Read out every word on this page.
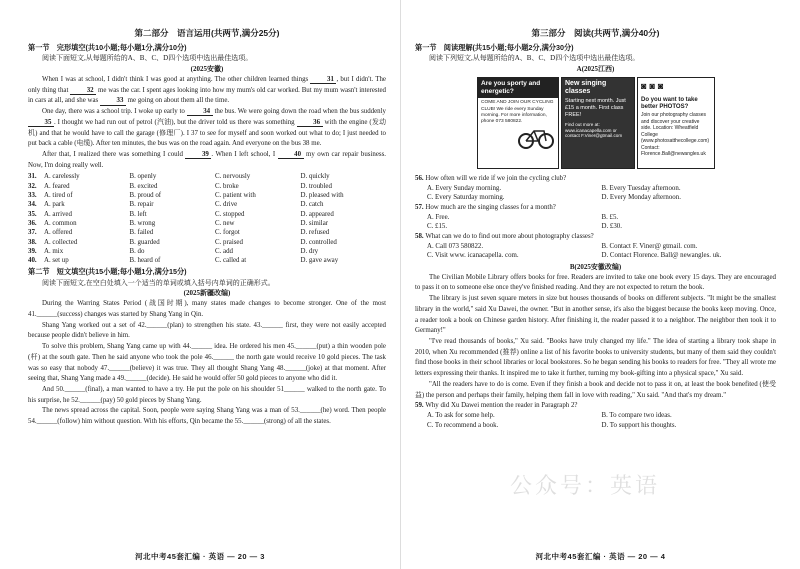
第二部分　语言运用(共两节,满分25分)
第一节　完形填空(共10小题;每小题1分,满分10分)
阅读下面短文,从每题所给的A、B、C、D四个选项中选出最佳选项。
(2025安徽)

When I was at school, I didn't think I was good at anything. The other children learned things 31 , but I didn't. The only thing that 32 me was the car. I spent ages looking into how my mum's old car worked. But my mum wasn't interested in cars at all, and she was 33 me going on about them all the time.

One day, there was a school trip. I woke up early to 34 the bus. We were going down the road when the bus suddenly 35 . I thought we had run out of petrol (汽油), but the driver told us there was something 36 with the engine (发动机) and that he would have to call the garage (修理厂). I 37 to see for myself and soon worked out what to do; I just needed to put back a cable (电缆). After ten minutes, the bus was on the road again. And everyone on the bus 38 me.

After that, I realized there was something I could 39 . When I left school, I 40 my own car repair business. Now, I'm doing really well.

31.	A. carelessly	B. openly	C. nervously	D. quickly
32.	A. feared	B. excited	C. broke	D. troubled
33.	A. tired of	B. proud of	C. patient with	D. pleased with
34.	A. park	B. repair	C. drive	D. catch
35.	A. arrived	B. left	C. stopped	D. appeared
36.	A. common	B. wrong	C. new	D. similar
37.	A. offered	B. failed	C. forgot	D. refused
38.	A. collected	B. guarded	C. praised	D. controlled
39.	A. mix	B. do	C. add	D. dry
40.	A. set up	B. heard of	C. called at	D. gave away
第二节　短文填空(共15小题;每小题1分,满分15分)
阅读下面短文,在空白处填入一个适当的单词或填入括号内单词的正确形式。
(2025新疆改编)

During the Warring States Period (战国时期), many states made changes to become stronger. One of the most 41.______(success) changes was started by Shang Yang in Qin.

Shang Yang worked out a set of 42.______(plan) to strengthen his state. 43.______ first, they were not easily accepted because people didn't believe in him.

To solve this problem, Shang Yang came up with 44.______ idea. He ordered his men 45.______(put) a thin wooden pole (杆) at the south gate. Then he said anyone who took the pole 46.______ the north gate would receive 10 gold pieces. The task was so easy that nobody 47.______(believe) it was true. They all thought Shang Yang 48.______(joke) at that moment. After seeing that, Shang Yang made a 49.______(decide). He said he would offer 50 gold pieces to anyone who did it.

And 50.______(final), a man wanted to have a try. He put the pole on his shoulder 51______ walked to the north gate. To his surprise, he 52.______(pay) 50 gold pieces by Shang Yang.

The news spread across the capital. Soon, people were saying Shang Yang was a man of 53.______(he) word. Then people 54.______(follow) him without question. With his efforts, Qin became the 55.______(strong) of all the states.

河北中考45套汇编 · 英语 — 20 — 3
第三部分　阅读(共两节,满分40分)
第一节　阅读理解(共15小题;每小题2分,满分30分)
阅读下列短文,从每题所给的A、B、C、D四个选项中选出最佳选项。
A(2025江西)
Are you sporty and energetic?
COME AND JOIN OUR CYCLING CLUB! We ride every Sunday morning. For more information, phone 073 580822.
New singing classes
Starting next month. Just £15 a month. First class FREE!
Find out more at: www.icanacapella.com or contact F.Viner@gtmail.com
◙ ◙ ◙
Do you want to take better PHOTOS?
Join our photography classes and discover your creative side. Location: Wheatfield College (www.photosatthecollege.com) Contact: Florence.Ball@newangles.uk
56. How often will we ride if we join the cycling club?
A. Every Sunday morning.	B. Every Tuesday afternoon.
C. Every Saturday morning.	D. Every Monday afternoon.
57. How much are the singing classes for a month?
A. Free.	B. £5.
C. £15.	D. £30.
58. What can we do to find out more about photography classes?
A. Call 073 580822.	B. Contact F. Viner@ gtmail. com.
C. Visit www. icanacapella. com.	D. Contact Florence. Ball@ newangles. uk.
B(2025安徽改编)

The Civilian Mobile Library offers books for free. Readers are invited to take one book every 15 days. They are encouraged to pass it on to someone else once they've finished reading. And they are not expected to return the book.

The library is just seven square meters in size but houses thousands of books on different subjects. "It might be the smallest library in the world," said Xu Dawei, the owner. "But in another sense, it's also the biggest because the books keep moving. Once, a reader took a book on Chinese garden history. After finishing it, the reader passed it to a neighbor. The neighbor then took it to Germany!"

"I've read thousands of books," Xu said. "Books have truly changed my life." The idea of starting a library took shape in 2010, when Xu recommended (推荐) online a list of his favorite books to university students, but many of them said they couldn't find those books in their school libraries or local bookstores. So he began sending his books to readers for free. "They all wrote me letters expressing their thanks. It inspired me to take it further, turning my book-gifting into a physical space," Xu said.

"All the readers have to do is come. Even if they finish a book and decide not to pass it on, at least the book benefited (使受益) the person and perhaps their family, helping them fall in love with reading," Xu said. "And that's my dream."

59. Why did Xu Dawei mention the reader in Paragraph 2?
A. To ask for some help.	B. To compare two ideas.
C. To recommend a book.	D. To support his thoughts.
河北中考45套汇编 · 英语 — 20 — 4
公众号：英语
